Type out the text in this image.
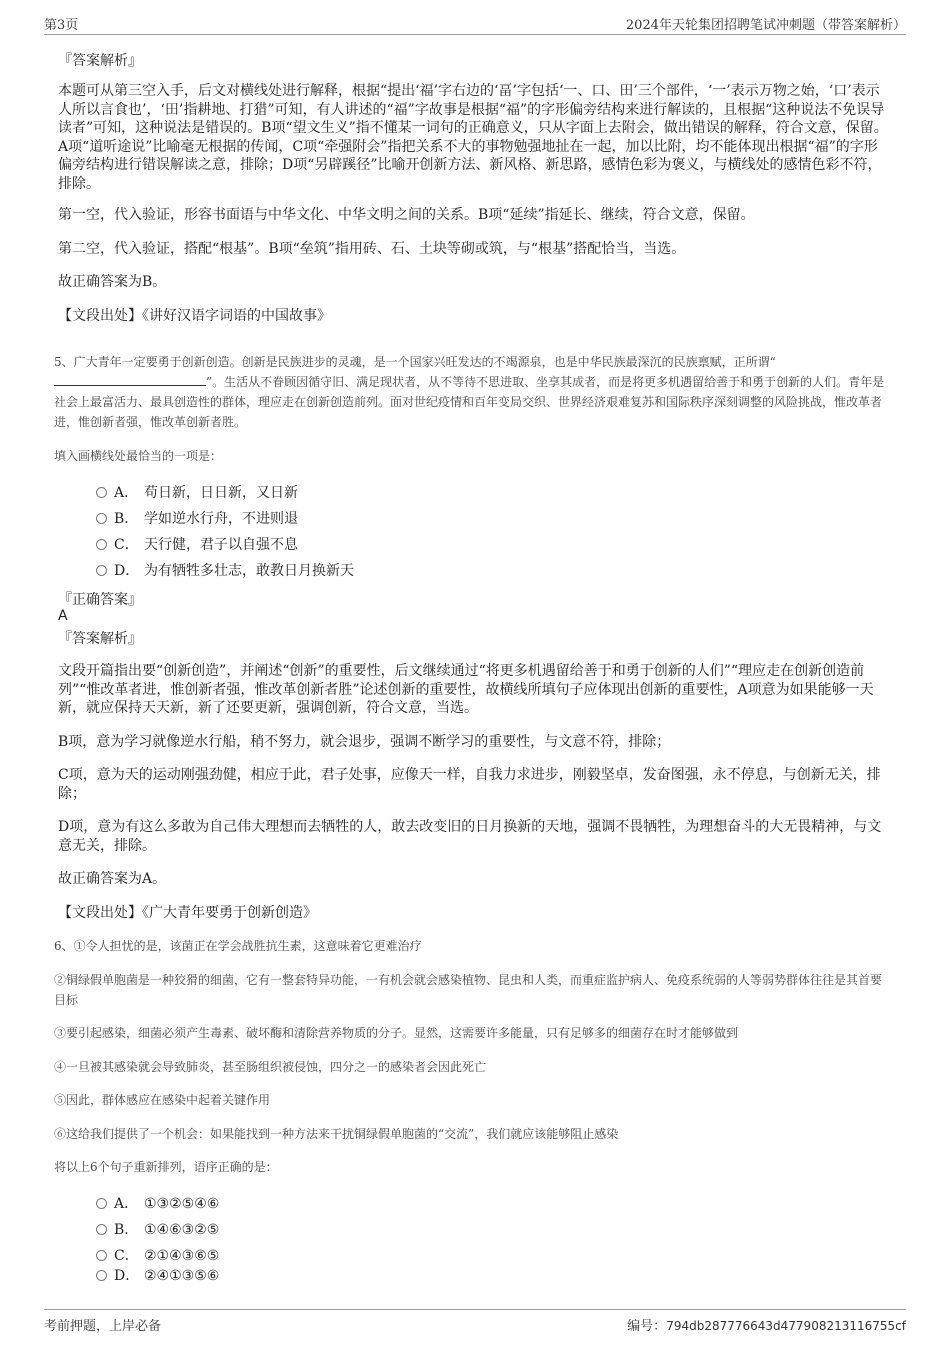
第3页	2024年天轮集团招聘笔试冲刺题（带答案解析）
『答案解析』
本题可从第三空入手，后文对横线处进行解释，根据“提出‘福’字右边的‘畐’字包括‘一、口、田’三个部件，‘一’表示万物之始，‘口’表示人所以言食也’，‘田’指耕地、打猎”可知，有人讲述的“福”字故事是根据“福”的字形偏旁结构来进行解读的，且根据“这种说法不免误导读者”可知，这种说法是错误的。B项“望文生义”指不懂某一词句的正确意义，只从字面上去附会，做出错误的解释，符合文意，保留。A项“道听途说”比喻毫无根据的传闻，C项“牵强附会”指把关系不大的事物勉强地扯在一起，加以比附，均不能体现出根据“福”的字形偏旁结构进行错误解读之意，排除；D项“另辟蹊径”比喻开创新方法、新风格、新思路，感情色彩为褒义，与横线处的感情色彩不符，排除。
第一空，代入验证，形容书面语与中华文化、中华文明之间的关系。B项“延续”指延长、继续，符合文意，保留。
第二空，代入验证，搭配“根基”。B项“垒筑”指用砖、石、土块等砌或筑，与“根基”搭配恰当，当选。
故正确答案为B。
【文段出处】《讲好汉语字词语的中国故事》
5、广大青年一定要勇于创新创造。创新是民族进步的灵魂，是一个国家兴旺发达的不竭源泉，也是中华民族最深沉的民族禀赋，正所谓“”。生活从不眷顾因循守旧、满足现状者，从不等待不思进取、坐享其成者，而是将更多机遇留给善于和勇于创新的人们。青年是社会上最富活力、最具创造性的群体，理应走在创新创造前列。面对世纪疫情和百年变局交织、世界经济艰难复苏和国际秩序深刻调整的风险挑战，惟改革者进，惟创新者强，惟改革创新者胜。
填入画横线处最恰当的一项是：
A． 苟日新，日日新，又日新
B． 学如逆水行舟，不进则退
C． 天行健，君子以自强不息
D． 为有牺牲多壮志，敢教日月换新天
『正确答案』
A
『答案解析』
文段开篇指出要“创新创造”，并阐述“创新”的重要性，后文继续通过“将更多机遇留给善于和勇于创新的人们”“理应走在创新创造前列”“惟改革者进，惟创新者强，惟改革创新者胜”论述创新的重要性，故横线所填句子应体现出创新的重要性，A项意为如果能够一天新，就应保持天天新，新了还要更新，强调创新，符合文意，当选。
B项，意为学习就像逆水行船，稍不努力，就会退步，强调不断学习的重要性，与文意不符，排除；
C项，意为天的运动刚强劲健，相应于此，君子处事，应像天一样，自我力求进步，刚毅坚卓，发奋图强，永不停息，与创新无关，排除；
D项，意为有这么多敢为自己伟大理想而去牺牲的人，敢去改变旧的日月换新的天地，强调不畏牺牲，为理想奋斗的大无畏精神，与文意无关，排除。
故正确答案为A。
【文段出处】《广大青年要勇于创新创造》
6、①令人担忧的是，该菌正在学会战胜抗生素，这意味着它更难治疗
②铜绿假单胞菌是一种狡猾的细菌，它有一整套特异功能，一有机会就会感染植物、昆虫和人类，而重症监护病人、免疫系统弱的人等弱势群体往往是其首要目标
③要引起感染，细菌必须产生毒素、破坏酶和清除营养物质的分子。显然，这需要许多能量，只有足够多的细菌存在时才能够做到
④一旦被其感染就会导致肺炎，甚至肠组织被侵蚀，四分之一的感染者会因此死亡
⑤因此，群体感应在感染中起着关键作用
⑥这给我们提供了一个机会：如果能找到一种方法来干扰铜绿假单胞菌的“交流”，我们就应该能够阻止感染
将以上6个句子重新排列，语序正确的是：
A． ①③②⑤④⑥
B． ①④⑥③②⑤
C． ②①④③⑥⑤
D． ②④①③⑤⑥
考前押题，上岸必备	编号：794db287776643d477908213116755cf
